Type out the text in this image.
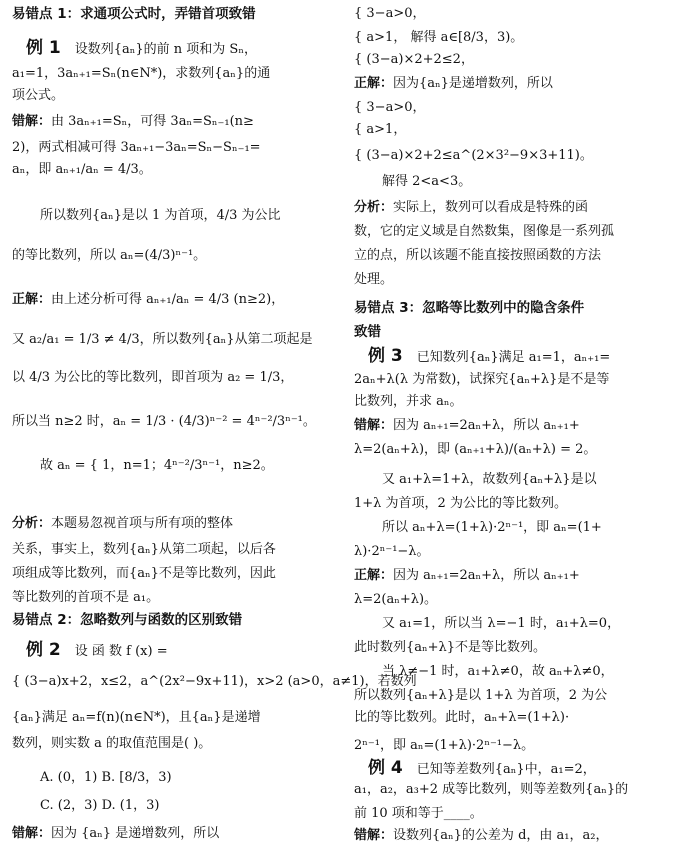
易错点 1：求通项公式时，弄错首项致错
例 1 设数列{aₙ}的前 n 项和为 Sₙ，
a₁=1，3aₙ₊₁=Sₙ(n∈N*)，求数列{aₙ}的通
项公式。
错解：由 3aₙ₊₁=Sₙ，可得 3aₙ=Sₙ₋₁(n≥
2)，两式相减可得 3aₙ₊₁−3aₙ=Sₙ−Sₙ₋₁=
aₙ，即 aₙ₊₁/aₙ = 4/3。
所以数列{aₙ}是以 1 为首项，4/3 为公比
的等比数列，所以 aₙ=(4/3)ⁿ⁻¹。
正解：由上述分析可得 aₙ₊₁/aₙ = 4/3 (n≥2)，
又 a₂/a₁ = 1/3 ≠ 4/3，所以数列{aₙ}从第二项起是
以 4/3 为公比的等比数列，即首项为 a₂ = 1/3，
所以当 n≥2 时，aₙ = 1/3 · (4/3)ⁿ⁻² = 4ⁿ⁻²/3ⁿ⁻¹。
故 aₙ = { 1，n=1；4ⁿ⁻²/3ⁿ⁻¹，n≥2。
分析：本题易忽视首项与所有项的整体
关系，事实上，数列{aₙ}从第二项起，以后各
项组成等比数列，而{aₙ}不是等比数列，因此
等比数列的首项不是 a₁。
易错点 2：忽略数列与函数的区别致错
例 2 设 函 数 f (x) =
{ (3−a)x+2，x≤2，a^(2x²−9x+11)，x>2 (a>0，a≠1)，若数列
{aₙ}满足 aₙ=f(n)(n∈N*)，且{aₙ}是递增
数列，则实数 a 的取值范围是( )。
A. (0，1) B. [8/3，3)
C. (2，3) D. (1，3)
错解：因为 {aₙ} 是递增数列，所以
{ 3−a>0，
{ a>1， 解得 a∈[8/3，3)。
{ (3−a)×2+2≤2，
正解：因为{aₙ}是递增数列，所以
{ 3−a>0，
{ a>1，
{ (3−a)×2+2≤a^(2×3²−9×3+11)。
解得 2<a<3。
分析：实际上，数列可以看成是特殊的函
数，它的定义域是自然数集，图像是一系列孤
立的点，所以该题不能直接按照函数的方法
处理。
易错点 3：忽略等比数列中的隐含条件
致错
例 3 已知数列{aₙ}满足 a₁=1，aₙ₊₁=
2aₙ+λ(λ 为常数)，试探究{aₙ+λ}是不是等
比数列，并求 aₙ。
错解：因为 aₙ₊₁=2aₙ+λ，所以 aₙ₊₁+
λ=2(aₙ+λ)，即 (aₙ₊₁+λ)/(aₙ+λ) = 2。
又 a₁+λ=1+λ，故数列{aₙ+λ}是以
1+λ 为首项，2 为公比的等比数列。
所以 aₙ+λ=(1+λ)·2ⁿ⁻¹，即 aₙ=(1+
λ)·2ⁿ⁻¹−λ。
正解：因为 aₙ₊₁=2aₙ+λ，所以 aₙ₊₁+
λ=2(aₙ+λ)。
又 a₁=1，所以当 λ=−1 时，a₁+λ=0，
此时数列{aₙ+λ}不是等比数列。
当 λ≠−1 时，a₁+λ≠0，故 aₙ+λ≠0，
所以数列{aₙ+λ}是以 1+λ 为首项，2 为公
比的等比数列。此时，aₙ+λ=(1+λ)·
2ⁿ⁻¹，即 aₙ=(1+λ)·2ⁿ⁻¹−λ。
例 4 已知等差数列{aₙ}中，a₁=2，
a₁，a₂，a₃+2 成等比数列，则等差数列{aₙ}的
前 10 项和等于____。
错解：设数列{aₙ}的公差为 d，由 a₁，a₂，
